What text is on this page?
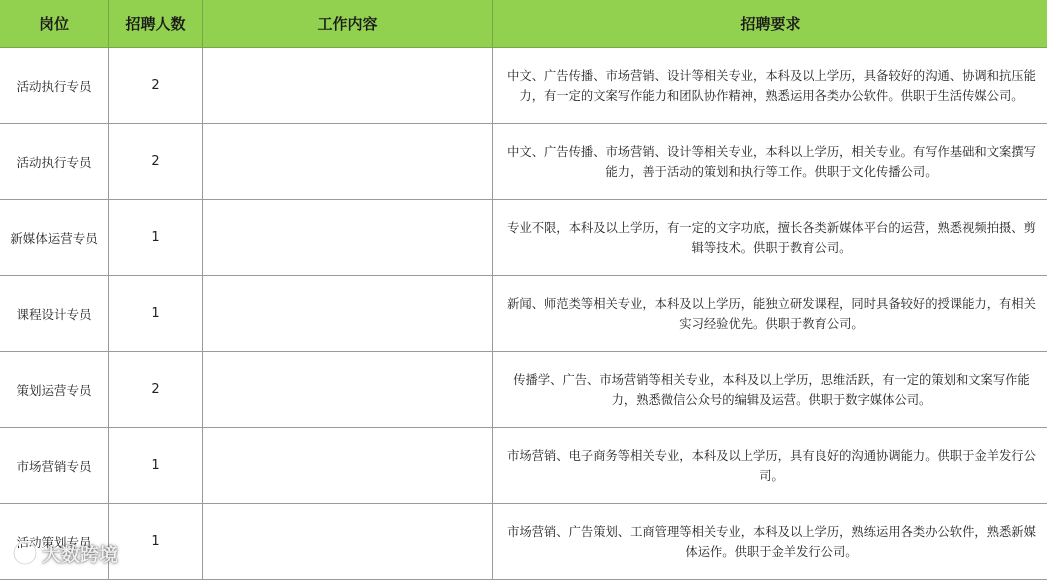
岗位	招聘人数	工作内容	招聘要求
活动执行专员	2		中文、广告传播、市场营销、设计等相关专业，本科及以上学历，具备较好的沟通、协调和抗压能力，有一定的文案写作能力和团队协作精神，熟悉运用各类办公软件。供职于生活传媒公司。
活动执行专员	2		中文、广告传播、市场营销、设计等相关专业，本科以上学历，相关专业。有写作基础和文案撰写能力，善于活动的策划和执行等工作。供职于文化传播公司。
新媒体运营专员	1		专业不限，本科及以上学历，有一定的文字功底，擅长各类新媒体平台的运营，熟悉视频拍摄、剪辑等技术。供职于教育公司。
课程设计专员	1		新闻、师范类等相关专业，本科及以上学历，能独立研发课程，同时具备较好的授课能力，有相关实习经验优先。供职于教育公司。
策划运营专员	2		传播学、广告、市场营销等相关专业，本科及以上学历，思维活跃，有一定的策划和文案写作能力，熟悉微信公众号的编辑及运营。供职于数字媒体公司。
市场营销专员	1		市场营销、电子商务等相关专业，本科及以上学历，具有良好的沟通协调能力。供职于金羊发行公司。
活动策划专员	1		市场营销、广告策划、工商管理等相关专业，本科及以上学历，熟练运用各类办公软件，熟悉新媒体运作。供职于金羊发行公司。
大数跨境
